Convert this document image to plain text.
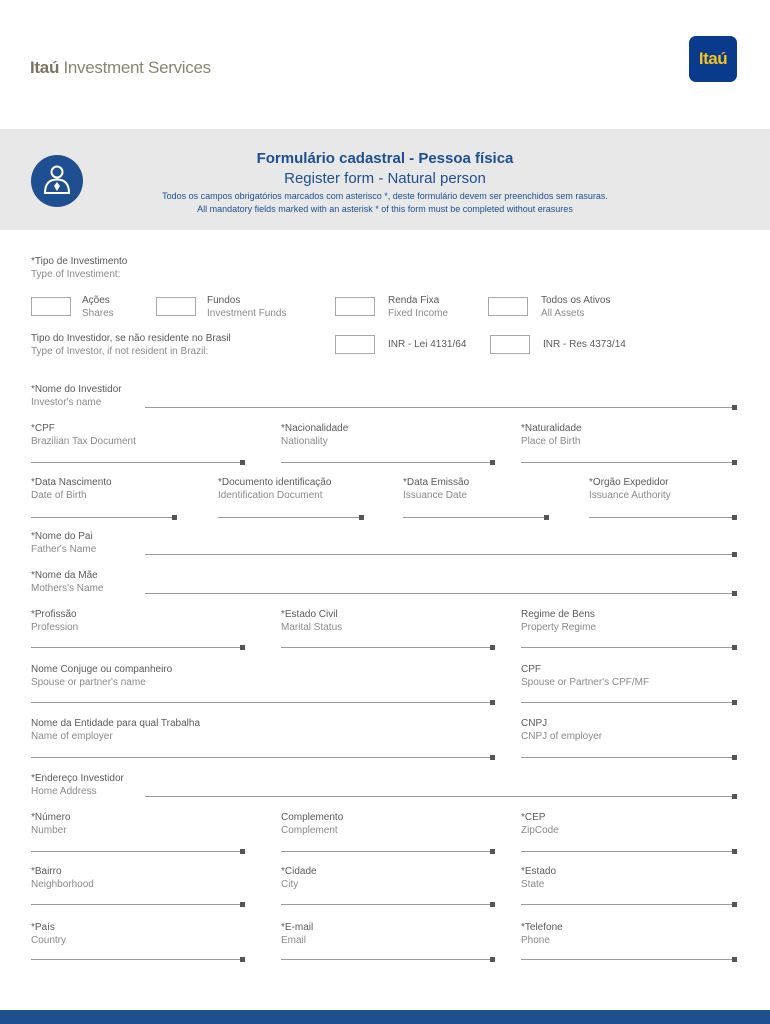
Itaú Investment Services	Itaú
Formulário cadastral - Pessoa física
Register form - Natural person
Todos os campos obrigatórios marcados com asterisco *, deste formulário devem ser preenchidos sem rasuras.
All mandatory fields marked with an asterisk * of this form must be completed without erasures
*Tipo de Investimento
Type of Investiment:
Ações
Shares
Fundos
Investment Funds
Renda Fixa
Fixed Income
Todos os Ativos
All Assets
Tipo do Investidor, se não residente no Brasil
Type of Investor, if not resident in Brazil:
INR - Lei 4131/64	INR - Res 4373/14
*Nome do Investidor
Investor's name
*CPF
Brazilian Tax Document
*Nacionalidade
Nationality
*Naturalidade
Place of Birth
*Data Nascimento
Date of Birth
*Documento identificação
Identification Document
*Data Emissão
Issuance Date
*Orgão Expedidor
Issuance Authority
*Nome do Pai
Father's Name
*Nome da Mãe
Mothers's Name
*Profissão
Profession
*Estado Civil
Marital Status
Regime de Bens
Property Regime
Nome Conjuge ou companheiro
Spouse or partner's name
CPF
Spouse or Partner's CPF/MF
Nome da Entidade para qual Trabalha
Name of employer
CNPJ
CNPJ of employer
*Endereço Investidor
Home Address
*Número
Number
Complemento
Complement
*CEP
ZipCode
*Bairro
Neighborhood
*Cidade
City
*Estado
State
*País
Country
*E-mail
Email
*Telefone
Phone
